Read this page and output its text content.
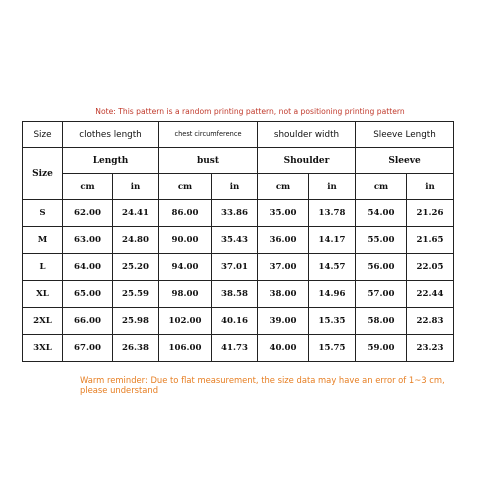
Note: This pattern is a random printing pattern, not a positioning printing pattern
Size	clothes length		chest circumference		shoulder width		Sleeve Length	
Size	Length		bust		Shoulder		Sleeve	
	cm	in	cm	in	cm	in	cm	in
S	62.00	24.41	86.00	33.86	35.00	13.78	54.00	21.26
M	63.00	24.80	90.00	35.43	36.00	14.17	55.00	21.65
L	64.00	25.20	94.00	37.01	37.00	14.57	56.00	22.05
XL	65.00	25.59	98.00	38.58	38.00	14.96	57.00	22.44
2XL	66.00	25.98	102.00	40.16	39.00	15.35	58.00	22.83
3XL	67.00	26.38	106.00	41.73	40.00	15.75	59.00	23.23
Warm reminder: Due to flat measurement, the size data may have an error of 1~3 cm, please understand
